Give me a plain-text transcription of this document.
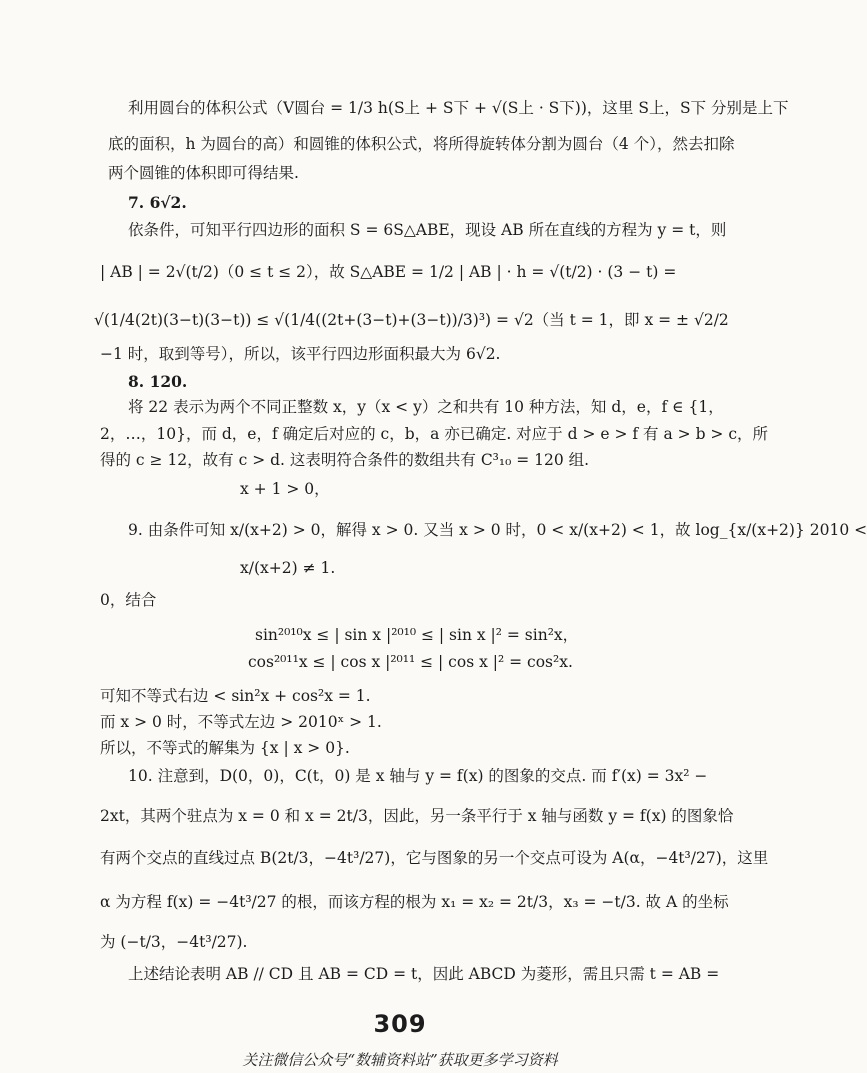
利用圆台的体积公式（V圆台 = 1/3 h(S上 + S下 + √(S上 · S下))，这里 S上，S下 分别是上下
底的面积，h 为圆台的高）和圆锥的体积公式，将所得旋转体分割为圆台（4 个），然去扣除
两个圆锥的体积即可得结果.
7. 6√2.
依条件，可知平行四边形的面积 S = 6S△ABE，现设 AB 所在直线的方程为 y = t，则
| AB | = 2√(t/2)（0 ≤ t ≤ 2），故 S△ABE = 1/2 | AB | · h = √(t/2) · (3 − t) =
√(1/4(2t)(3−t)(3−t)) ≤ √(1/4((2t+(3−t)+(3−t))/3)³) = √2（当 t = 1，即 x = ± √2/2
−1 时，取到等号），所以，该平行四边形面积最大为 6√2.
8. 120.
将 22 表示为两个不同正整数 x，y（x < y）之和共有 10 种方法，知 d，e，f ∈ {1，
2，…，10}，而 d，e，f 确定后对应的 c，b，a 亦已确定. 对应于 d > e > f 有 a > b > c，所
得的 c ≥ 12，故有 c > d. 这表明符合条件的数组共有 C³₁₀ = 120 组.
x + 1 > 0，
9. 由条件可知 x/(x+2) > 0，解得 x > 0. 又当 x > 0 时，0 < x/(x+2) < 1，故 log_{x/(x+2)} 2010 <
x/(x+2) ≠ 1.
0，结合
sin²⁰¹⁰x ≤ | sin x |²⁰¹⁰ ≤ | sin x |² = sin²x，
cos²⁰¹¹x ≤ | cos x |²⁰¹¹ ≤ | cos x |² = cos²x.
可知不等式右边 < sin²x + cos²x = 1.
而 x > 0 时，不等式左边 > 2010ˣ > 1.
所以，不等式的解集为 {x | x > 0}.
10. 注意到，D(0，0)，C(t，0) 是 x 轴与 y = f(x) 的图象的交点. 而 f′(x) = 3x² −
2xt，其两个驻点为 x = 0 和 x = 2t/3，因此，另一条平行于 x 轴与函数 y = f(x) 的图象恰
有两个交点的直线过点 B(2t/3，−4t³/27)，它与图象的另一个交点可设为 A(α，−4t³/27)，这里
α 为方程 f(x) = −4t³/27 的根，而该方程的根为 x₁ = x₂ = 2t/3，x₃ = −t/3. 故 A 的坐标
为 (−t/3，−4t³/27).
上述结论表明 AB // CD 且 AB = CD = t，因此 ABCD 为菱形，需且只需 t = AB =
309
关注微信公众号“数辅资料站”获取更多学习资料
